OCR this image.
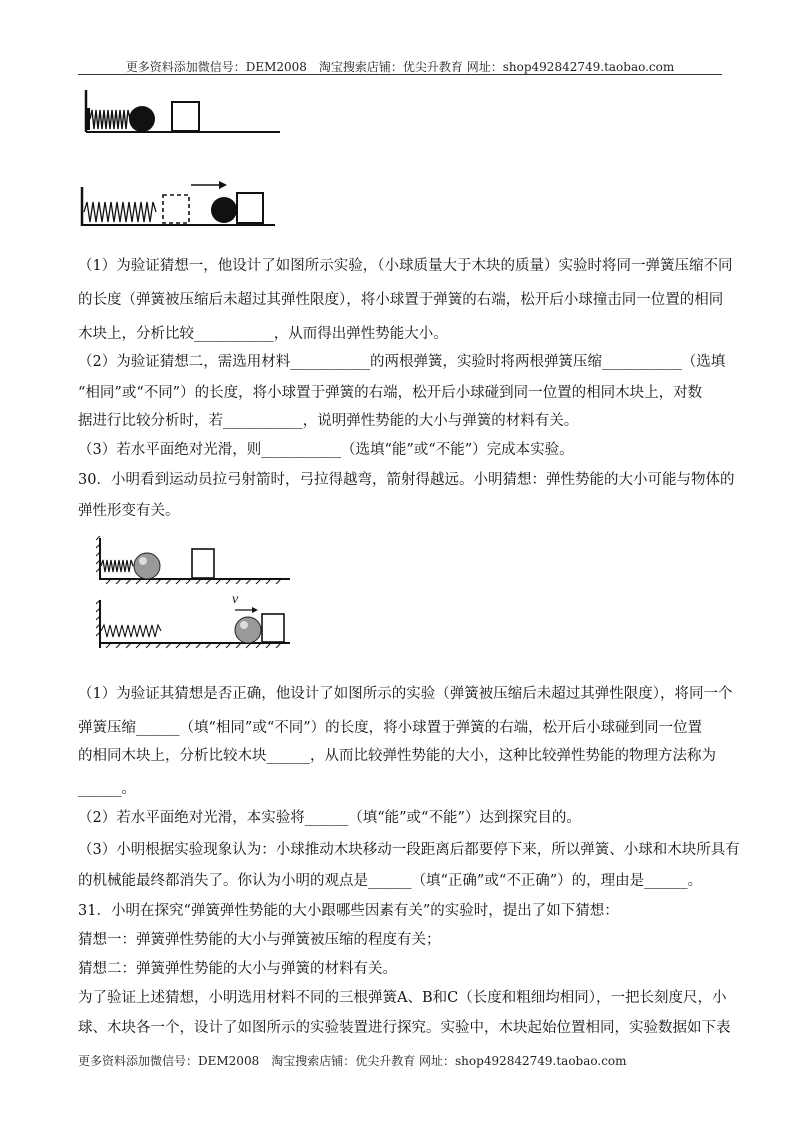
更多资料添加微信号：DEM2008　淘宝搜索店铺：优尖升教育 网址：shop492842749.taobao.com
（1）为验证猜想一，他设计了如图所示实验，（小球质量大于木块的质量）实验时将同一弹簧压缩不同
的长度（弹簧被压缩后未超过其弹性限度），将小球置于弹簧的右端，松开后小球撞击同一位置的相同
木块上，分析比较___________，从而得出弹性势能大小。
（2）为验证猜想二，需选用材料___________的两根弹簧，实验时将两根弹簧压缩___________（选填
“相同”或“不同”）的长度，将小球置于弹簧的右端，松开后小球碰到同一位置的相同木块上，对数
据进行比较分析时，若___________，说明弹性势能的大小与弹簧的材料有关。
（3）若水平面绝对光滑，则___________（选填“能”或“不能”）完成本实验。
30．小明看到运动员拉弓射箭时，弓拉得越弯，箭射得越远。小明猜想：弹性势能的大小可能与物体的
弹性形变有关。
v
（1）为验证其猜想是否正确，他设计了如图所示的实验（弹簧被压缩后未超过其弹性限度），将同一个
弹簧压缩______（填“相同”或“不同”）的长度，将小球置于弹簧的右端，松开后小球碰到同一位置
的相同木块上，分析比较木块______，从而比较弹性势能的大小，这种比较弹性势能的物理方法称为
______。
（2）若水平面绝对光滑，本实验将______（填“能”或“不能”）达到探究目的。
（3）小明根据实验现象认为：小球推动木块移动一段距离后都要停下来，所以弹簧、小球和木块所具有
的机械能最终都消失了。你认为小明的观点是______（填“正确”或“不正确”）的，理由是______。
31．小明在探究“弹簧弹性势能的大小跟哪些因素有关”的实验时，提出了如下猜想：
猜想一：弹簧弹性势能的大小与弹簧被压缩的程度有关；
猜想二：弹簧弹性势能的大小与弹簧的材料有关。
为了验证上述猜想，小明选用材料不同的三根弹簧A、B和C（长度和粗细均相同），一把长刻度尺，小
球、木块各一个，设计了如图所示的实验装置进行探究。实验中，木块起始位置相同，实验数据如下表
更多资料添加微信号：DEM2008　淘宝搜索店铺：优尖升教育 网址：shop492842749.taobao.com
